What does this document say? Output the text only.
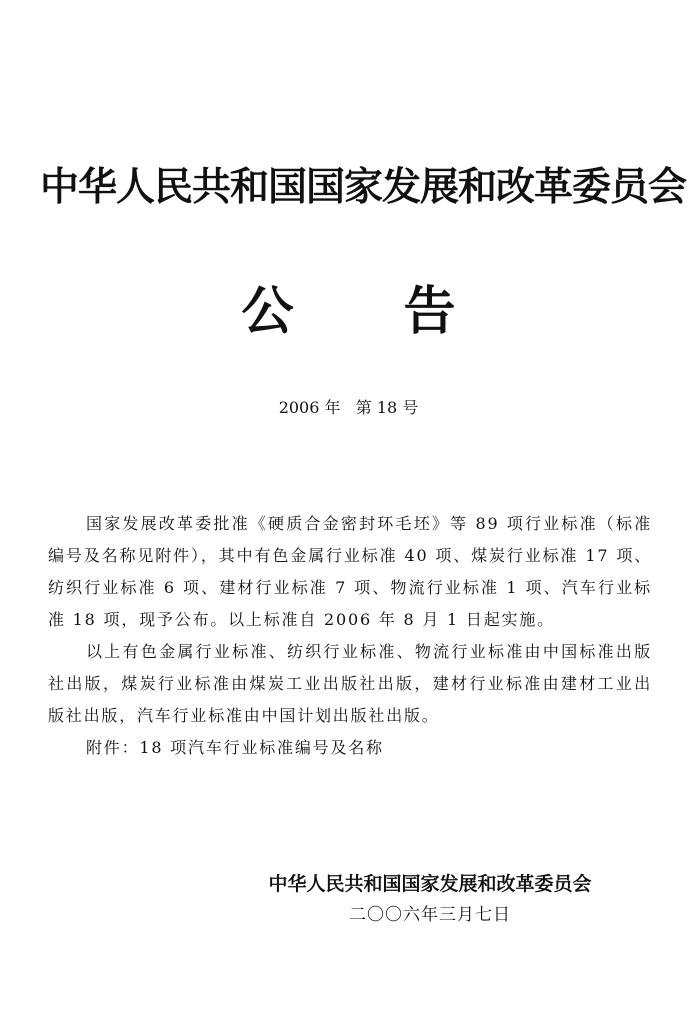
中华人民共和国国家发展和改革委员会
公告
2006 年   第 18 号

国家发展改革委批准《硬质合金密封环毛坯》等 89 项行业标准（标准编号及名称见附件），其中有色金属行业标准 40 项、煤炭行业标准 17 项、纺织行业标准 6 项、建材行业标准 7 项、物流行业标准 1 项、汽车行业标准 18 项，现予公布。以上标准自 2006 年 8 月 1 日起实施。

以上有色金属行业标准、纺织行业标准、物流行业标准由中国标准出版社出版，煤炭行业标准由煤炭工业出版社出版，建材行业标准由建材工业出版社出版，汽车行业标准由中国计划出版社出版。

附件：18 项汽车行业标准编号及名称

中华人民共和国国家发展和改革委员会
二〇〇六年三月七日
